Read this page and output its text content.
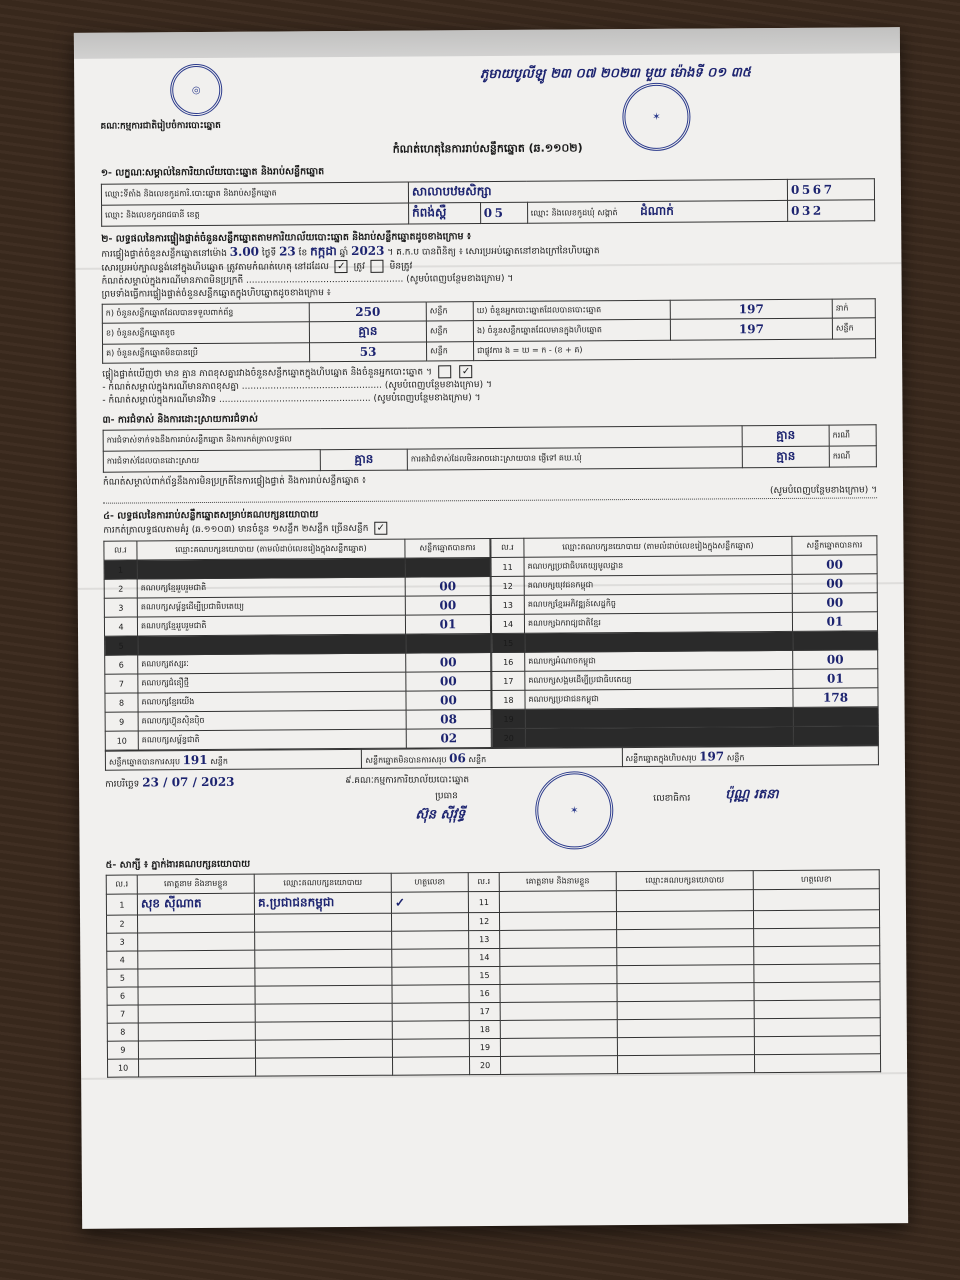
◎
គណៈកម្មការជាតិរៀបចំការបោះឆ្នោត
ភូមាយបូលីឡូ ២៣ ០៧ ២០២៣ មួយ ម៉ោងទី ០១ ៣៥
✶
កំណត់ហេតុនៃការរាប់សន្លឹកឆ្នោត (ឆ.១១០២)
១- លក្ខណៈសម្គាល់នៃការិយាល័យបោះឆ្នោត និងរាប់សន្លឹកឆ្នោត
ឈ្មោះទីតាំង និងលេខកូដការិ.បោះឆ្នោត និងរាប់សន្លឹកឆ្នោត	សាលាបឋមសិក្សា			0 5 6 7
ឈ្មោះ និងលេខកូដរាជធានី ខេត្ត	កំពង់ស្ពឺ	0 5	ឈ្មោះ និងលេខកូដឃុំ សង្កាត់ ដំណាក់	0 3 2
២- លទ្ធផលនៃការផ្ទៀងផ្ទាត់ចំនួនសន្លឹកឆ្នោតតាមការិយាល័យបោះឆ្នោត និងរាប់សន្លឹកឆ្នោតដូចខាងក្រោម ៖
ការផ្ទៀងផ្ទាត់ចំនួនសន្លឹកឆ្នោតនៅម៉ោង 3.00 ថ្ងៃទី 23 ខែ កក្កដា ឆ្នាំ 2023 ។ គ.ក.ប បានពិនិត្យ ៖ សោរប្រអប់ឆ្នោតនៅខាងក្រៅនៃហិបឆ្នោត
សោរប្រអប់ក្បាលខ្ទង់នៅក្នុងហិបឆ្នោត ត្រូវតាមកំណត់ហេតុ នៅដដែល ✓ ត្រូវ	មិនត្រូវ
កំណត់សម្គាល់ក្នុងករណីមានភាពមិនប្រក្រតី ....................................................... (សូមបំពេញបន្ថែមខាងក្រោម) ។
ព្រមទាំងធ្វើការផ្ទៀងផ្ទាត់ចំនួនសន្លឹកឆ្នោតក្នុងហិបឆ្នោតដូចខាងក្រោម ៖
ក) ចំនួនសន្លឹកឆ្នោតដែលបានទទួលពាក់ព័ន្ធ	250	សន្លឹក	ឃ) ចំនួនអ្នកបោះឆ្នោតដែលបានបោះឆ្នោត	197	នាក់
ខ) ចំនួនសន្លឹកឆ្នោតខូច	គ្មាន	សន្លឹក	ង) ចំនួនសន្លឹកឆ្នោតដែលមានក្នុងហិបឆ្នោត	197	សន្លឹក
គ) ចំនួនសន្លឹកឆ្នោតមិនបានប្រើ	53	សន្លឹក	ជាផ្លូវការ ង = ឃ = ក - (ខ + គ)		
ផ្ទៀងផ្ទាត់ឃើញថា មាន គ្មាន ភាពខុសគ្នារវាងចំនួនសន្លឹកឆ្នោតក្នុងហិបឆ្នោត និងចំនួនអ្នកបោះឆ្នោត ។	✓
- កំណត់សម្គាល់ក្នុងករណីមានភាពខុសគ្នា ................................................. (សូមបំពេញបន្ថែមខាងក្រោម) ។
- កំណត់សម្គាល់ក្នុងករណីមានវិវាទ ..................................................... (សូមបំពេញបន្ថែមខាងក្រោម) ។
៣- ការជំទាស់ និងការដោះស្រាយការជំទាស់
ការជំទាស់ទាក់ទងនឹងការរាប់សន្លឹកឆ្នោត និងការកត់ត្រាលទ្ធផល			គ្មាន	ករណី
ការជំទាស់ដែលបានដោះស្រាយ	គ្មាន	ការតវ៉ាជំទាស់ដែលមិនអាចដោះស្រាយបាន ផ្ញើទៅ គឃ.ឃុំ	គ្មាន	ករណី
កំណត់សម្គាល់ពាក់ព័ន្ធនឹងការមិនប្រក្រតីនៃការផ្ទៀងផ្ទាត់ និងការរាប់សន្លឹកឆ្នោត ៖
(សូមបំពេញបន្ថែមខាងក្រោម) ។
៤- លទ្ធផលនៃការរាប់សន្លឹកឆ្នោតសម្រាប់គណបក្សនយោបាយ
ការកត់ត្រាលទ្ធផលតាមគំរូ (ឆ.១១០៣) មានចំនួន ១សន្លឹក ២សន្លឹក ច្រើនសន្លឹក ✓
ល.រ	ឈ្មោះគណបក្សនយោបាយ (តាមលំដាប់លេខរៀងក្នុងសន្លឹកឆ្នោត)	សន្លឹកឆ្នោតបានការ
1		
2	គណបក្សខ្មែររួបរួមជាតិ	00
3	គណបក្សសម្ព័ន្ធដើម្បីប្រជាធិបតេយ្យ	00
4	គណបក្សខ្មែររួបរួមជាតិ	01
5		
6	គណបក្សឥស្សរៈ	00
7	គណបក្សជំនឿថ្មី	00
8	គណបក្សខ្មែរយើង	00
9	គណបក្សហ៊្វុនស៊ិនប៉ិច	08
10	គណបក្សសម្ព័ន្ធជាតិ	02
ល.រ	ឈ្មោះគណបក្សនយោបាយ (តាមលំដាប់លេខរៀងក្នុងសន្លឹកឆ្នោត)	សន្លឹកឆ្នោតបានការ
11	គណបក្សប្រជាធិបតេយ្យមូលដ្ឋាន	00
12	គណបក្សយុវជនកម្ពុជា	00
13	គណបក្សខ្មែរអភិវឌ្ឍន៍សេដ្ឋកិច្ច	00
14	គណបក្សឯករាជ្យជាតិខ្មែរ	01
15		
16	គណបក្សអំណាចកម្ពុជា	00
17	គណបក្សសង្គមដើម្បីប្រជាធិបតេយ្យ	01
18	គណបក្សប្រជាជនកម្ពុជា	178
19		
20		
សន្លឹកឆ្នោតបានការសរុប 191 សន្លឹក	សន្លឹកឆ្នោតមិនបានការសរុប 06 សន្លឹក	សន្លឹកឆ្នោតក្នុងហិបសរុប 197 សន្លឹក
ការបរិច្ឆេទ 23 / 07 / 2023	៩.គណៈកម្មការការិយាល័យបោះឆ្នោត
ប្រធាន
ស៊ុន ស៊ីវុទ្ធី	✶
លេខាធិការ	ប៉ុណ្ណ រតនា
៥- សាក្សី ៖ ភ្នាក់ងារគណបក្សនយោបាយ
ល.រ	គោត្តនាម និងនាមខ្លួន	ឈ្មោះគណបក្សនយោបាយ	ហត្ថលេខា	ល.រ	គោត្តនាម និងនាមខ្លួន	ឈ្មោះគណបក្សនយោបាយ	ហត្ថលេខា
1	សុខ ស៊ីណាត	គ.ប្រជាជនកម្ពុជា	✓	11			
2				12			
3				13			
4				14			
5				15			
6				16			
7				17			
8				18			
9				19			
10				20			
